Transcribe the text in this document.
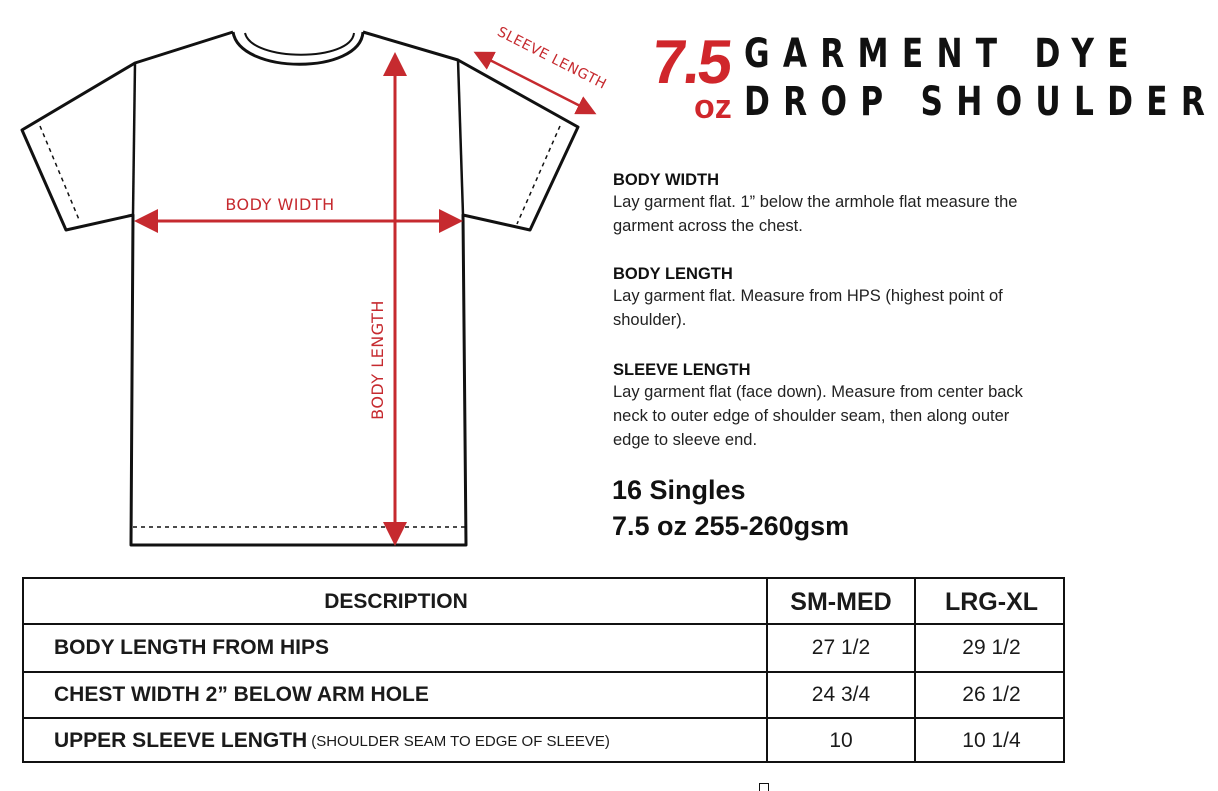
BODY WIDTH
BODY LENGTH
SLEEVE LENGTH 7.5
oz
GARMENT DYE
DROP SHOULDER
BODY WIDTH
Lay garment flat. 1” below the armhole flat measure the
garment across the chest.
BODY LENGTH
Lay garment flat. Measure from HPS (highest point of
shoulder).
SLEEVE LENGTH
Lay garment flat (face down). Measure from center back
neck to outer edge of shoulder seam, then along outer
edge to sleeve end.
16 Singles
7.5 oz 255-260gsm
DESCRIPTION	SM-MED	LRG-XL
BODY LENGTH FROM HIPS	27 1/2	29 1/2
CHEST WIDTH 2” BELOW ARM HOLE	24 3/4	26 1/2
UPPER SLEEVE LENGTH (SHOULDER SEAM TO EDGE OF SLEEVE)	10	10 1/4
